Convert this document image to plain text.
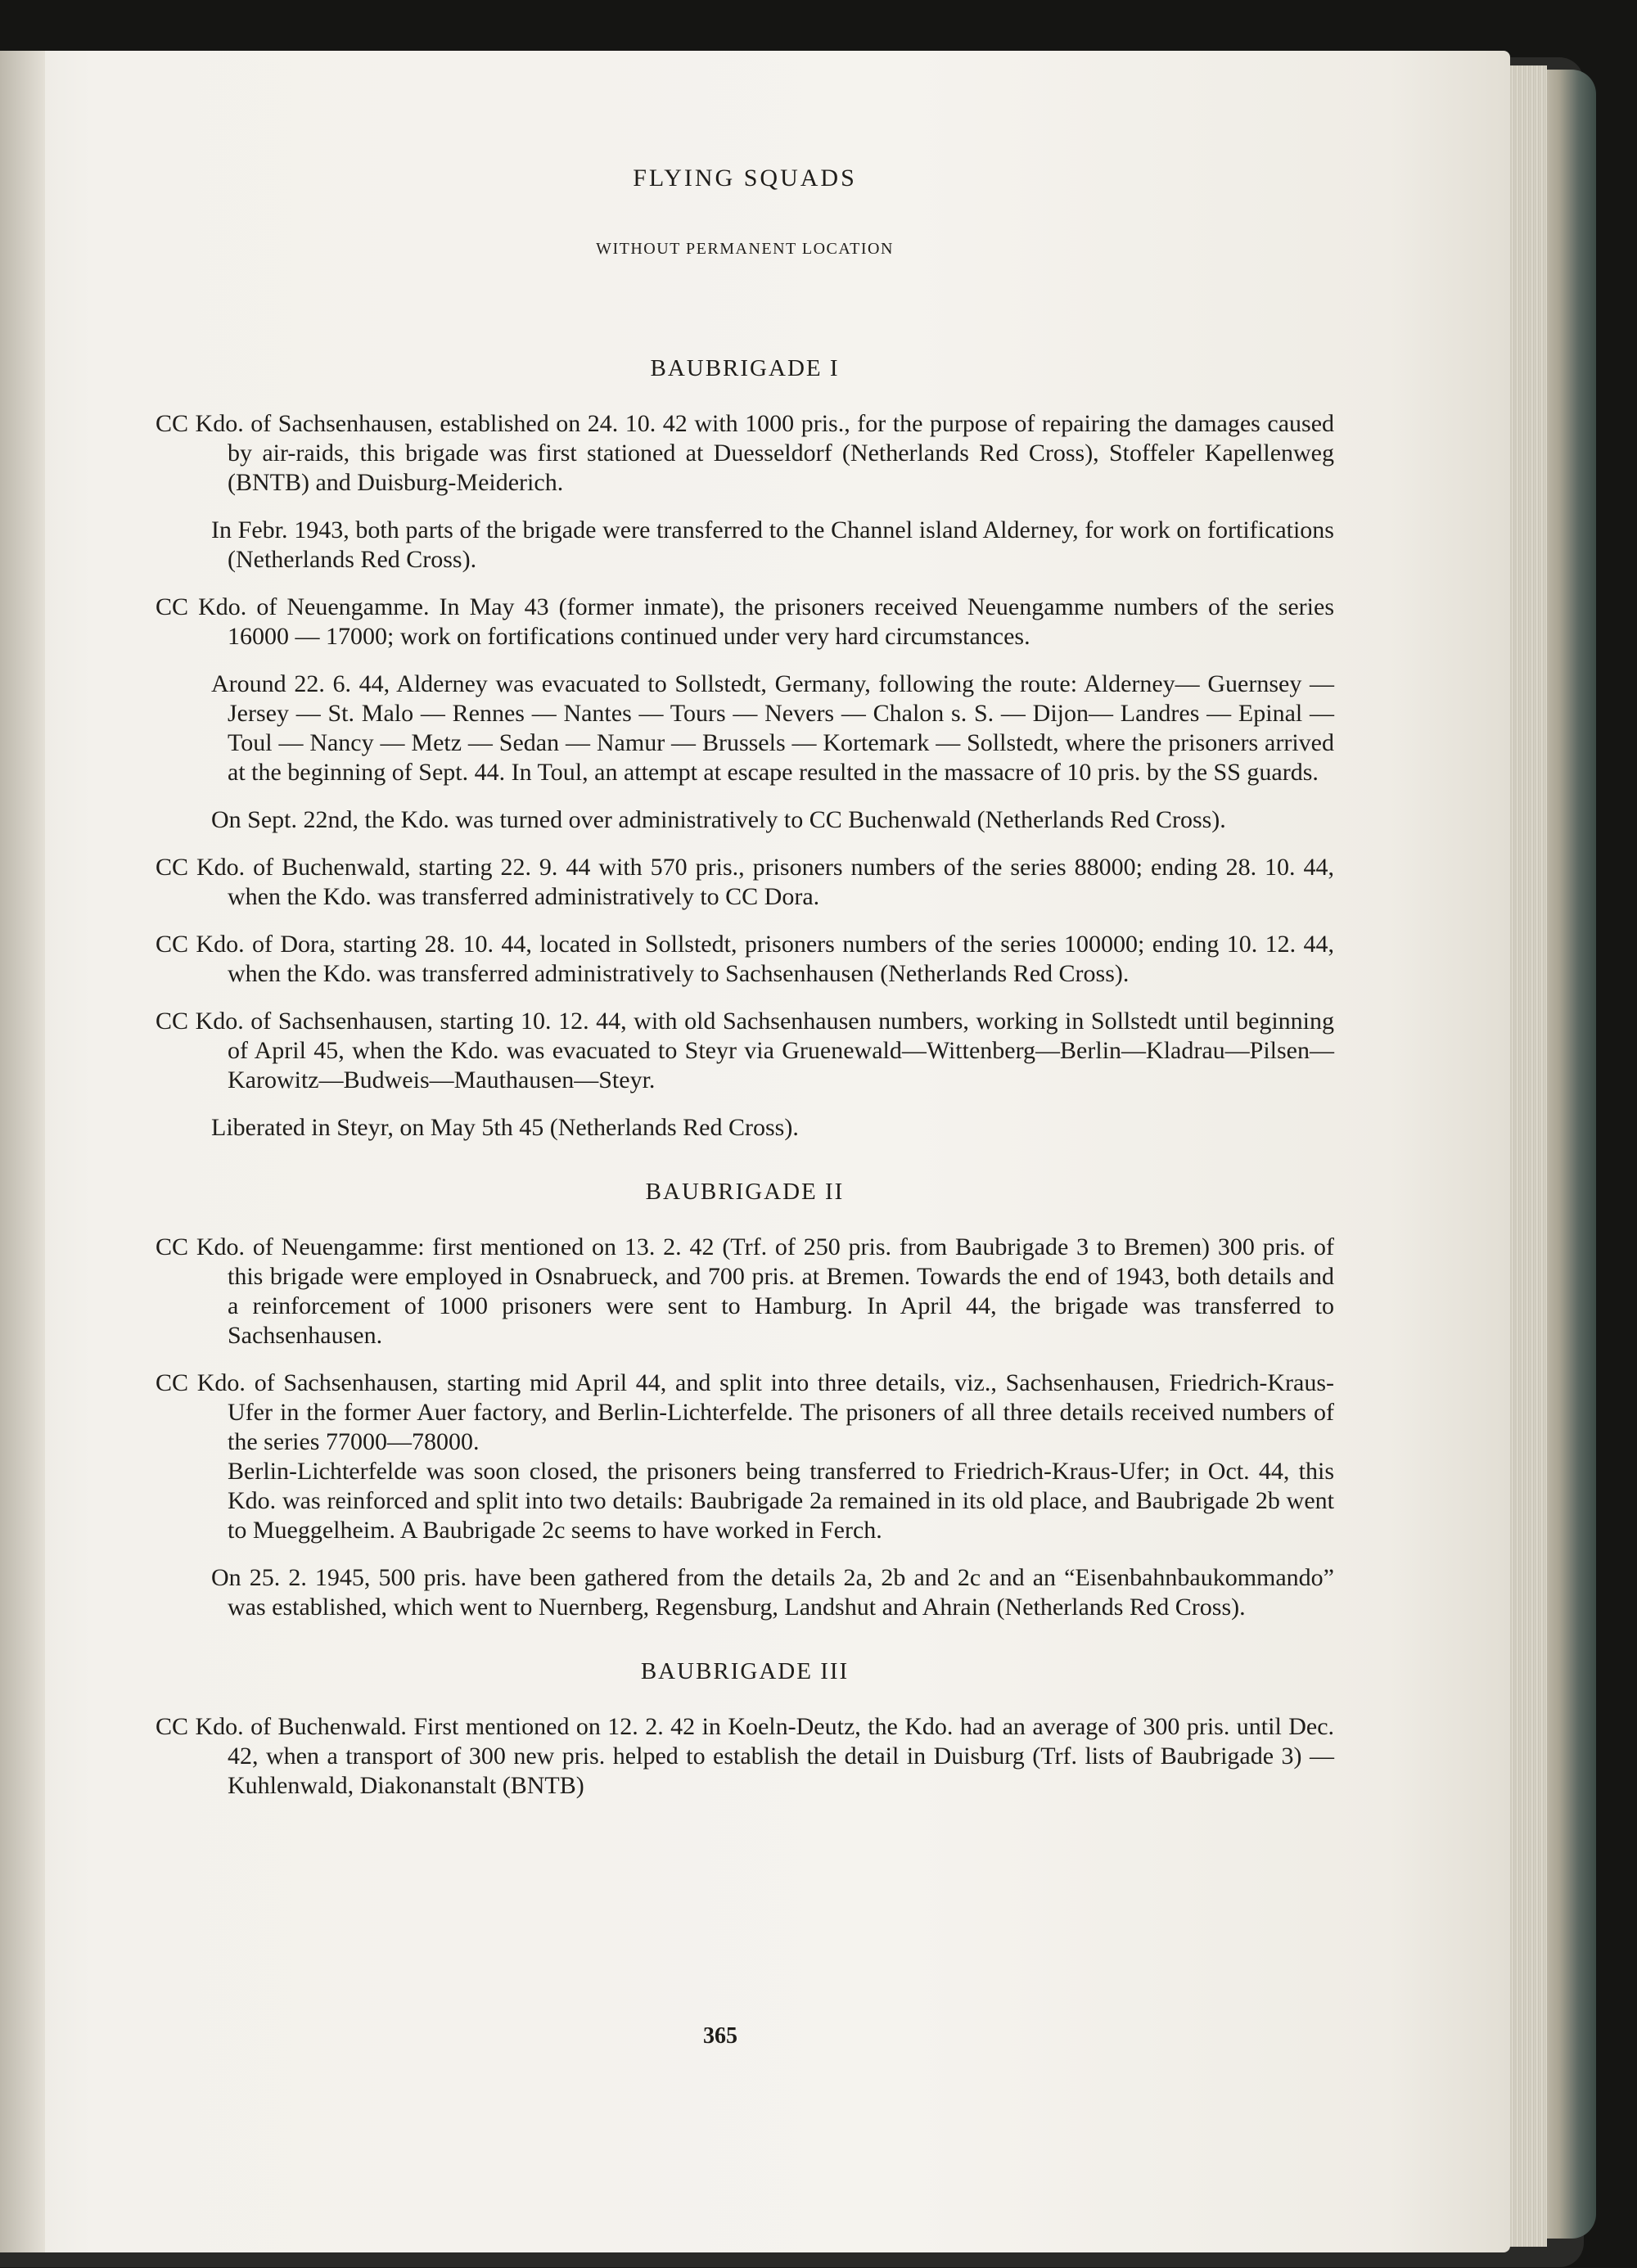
FLYING SQUADS
WITHOUT PERMANENT LOCATION
BAUBRIGADE I

CC Kdo. of Sachsenhausen, established on 24. 10. 42 with 1000 pris., for the purpose of repairing the damages caused by air-raids, this brigade was first stationed at Duesseldorf (Netherlands Red Cross), Stoffeler Kapellenweg (BNTB) and Duisburg-Meiderich.

In Febr. 1943, both parts of the brigade were transferred to the Channel island Alderney, for work on fortifications (Netherlands Red Cross).

CC Kdo. of Neuengamme. In May 43 (former inmate), the prisoners received Neuengamme numbers of the series 16000 — 17000; work on fortifications continued under very hard circumstances.

Around 22. 6. 44, Alderney was evacuated to Sollstedt, Germany, following the route: Alderney— Guernsey — Jersey — St. Malo — Rennes — Nantes — Tours — Nevers — Chalon s. S. — Dijon— Landres — Epinal — Toul — Nancy — Metz — Sedan — Namur — Brussels — Kortemark — Sollstedt, where the prisoners arrived at the beginning of Sept. 44. In Toul, an attempt at escape resulted in the massacre of 10 pris. by the SS guards.

On Sept. 22nd, the Kdo. was turned over administratively to CC Buchenwald (Netherlands Red Cross).

CC Kdo. of Buchenwald, starting 22. 9. 44 with 570 pris., prisoners numbers of the series 88000; ending 28. 10. 44, when the Kdo. was transferred administratively to CC Dora.

CC Kdo. of Dora, starting 28. 10. 44, located in Sollstedt, prisoners numbers of the series 100000; ending 10. 12. 44, when the Kdo. was transferred administratively to Sachsenhausen (Netherlands Red Cross).

CC Kdo. of Sachsenhausen, starting 10. 12. 44, with old Sachsenhausen numbers, working in Sollstedt until beginning of April 45, when the Kdo. was evacuated to Steyr via Gruenewald—Wittenberg—Berlin—Kladrau—Pilsen—Karowitz—Budweis—Mauthausen—Steyr.

Liberated in Steyr, on May 5th 45 (Netherlands Red Cross).

BAUBRIGADE II

CC Kdo. of Neuengamme: first mentioned on 13. 2. 42 (Trf. of 250 pris. from Baubrigade 3 to Bremen) 300 pris. of this brigade were employed in Osnabrueck, and 700 pris. at Bremen. Towards the end of 1943, both details and a reinforcement of 1000 prisoners were sent to Hamburg. In April 44, the brigade was transferred to Sachsenhausen.

CC Kdo. of Sachsenhausen, starting mid April 44, and split into three details, viz., Sachsenhausen, Friedrich-Kraus-Ufer in the former Auer factory, and Berlin-Lichterfelde. The prisoners of all three details received numbers of the series 77000—78000.
Berlin-Lichterfelde was soon closed, the prisoners being transferred to Friedrich-Kraus-Ufer; in Oct. 44, this Kdo. was reinforced and split into two details: Baubrigade 2a remained in its old place, and Baubrigade 2b went to Mueggelheim. A Baubrigade 2c seems to have worked in Ferch.

On 25. 2. 1945, 500 pris. have been gathered from the details 2a, 2b and 2c and an “Eisenbahnbaukommando” was established, which went to Nuernberg, Regensburg, Landshut and Ahrain (Netherlands Red Cross).

BAUBRIGADE III

CC Kdo. of Buchenwald. First mentioned on 12. 2. 42 in Koeln-Deutz, the Kdo. had an average of 300 pris. until Dec. 42, when a transport of 300 new pris. helped to establish the detail in Duisburg (Trf. lists of Baubrigade 3) — Kuhlenwald, Diakonanstalt (BNTB)

365
